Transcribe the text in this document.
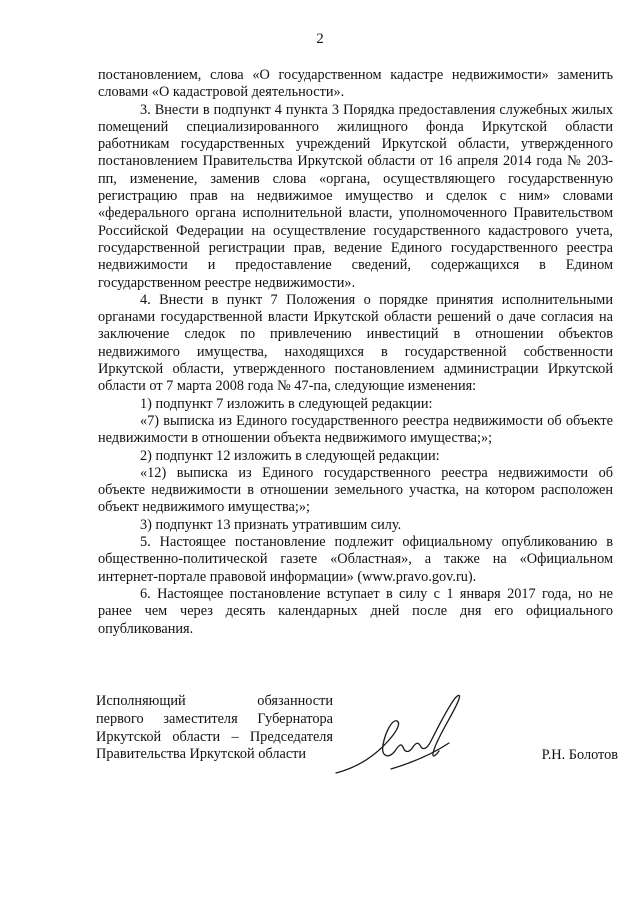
2

постановлением, слова «О государственном кадастре недвижимости» заменить словами «О кадастровой деятельности».

3. Внести в подпункт 4 пункта 3 Порядка предоставления служебных жилых помещений специализированного жилищного фонда Иркутской области работникам государственных учреждений Иркутской области, утвержденного постановлением Правительства Иркутской области от 16 апреля 2014 года № 203-пп, изменение, заменив слова «органа, осуществляющего государственную регистрацию прав на недвижимое имущество и сделок с ним» словами «федерального органа исполнительной власти, уполномоченного Правительством Российской Федерации на осуществление государственного кадастрового учета, государственной регистрации прав, ведение Единого государственного реестра недвижимости и предоставление сведений, содержащихся в Едином государственном реестре недвижимости».

4. Внести в пункт 7 Положения о порядке принятия исполнительными органами государственной власти Иркутской области решений о даче согласия на заключение следок по привлечению инвестиций в отношении объектов недвижимого имущества, находящихся в государственной собственности Иркутской области, утвержденного постановлением администрации Иркутской области от 7 марта 2008 года № 47-па, следующие изменения:

1) подпункт 7 изложить в следующей редакции:

«7) выписка из Единого государственного реестра недвижимости об объекте недвижимости в отношении объекта недвижимого имущества;»;

2) подпункт 12 изложить в следующей редакции:

«12) выписка из Единого государственного реестра недвижимости об объекте недвижимости в отношении земельного участка, на котором расположен объект недвижимого имущества;»;

3) подпункт 13 признать утратившим силу.

5. Настоящее постановление подлежит официальному опубликованию в общественно-политической газете «Областная», а также на «Официальном интернет-портале правовой информации» (www.pravo.gov.ru).

6. Настоящее постановление вступает в силу с 1 января 2017 года, но не ранее чем через десять календарных дней после дня его официального опубликования.

Исполняющий обязанности
первого заместителя Губернатора
Иркутской области – Председателя
Правительства Иркутской области	Р.Н. Болотов
